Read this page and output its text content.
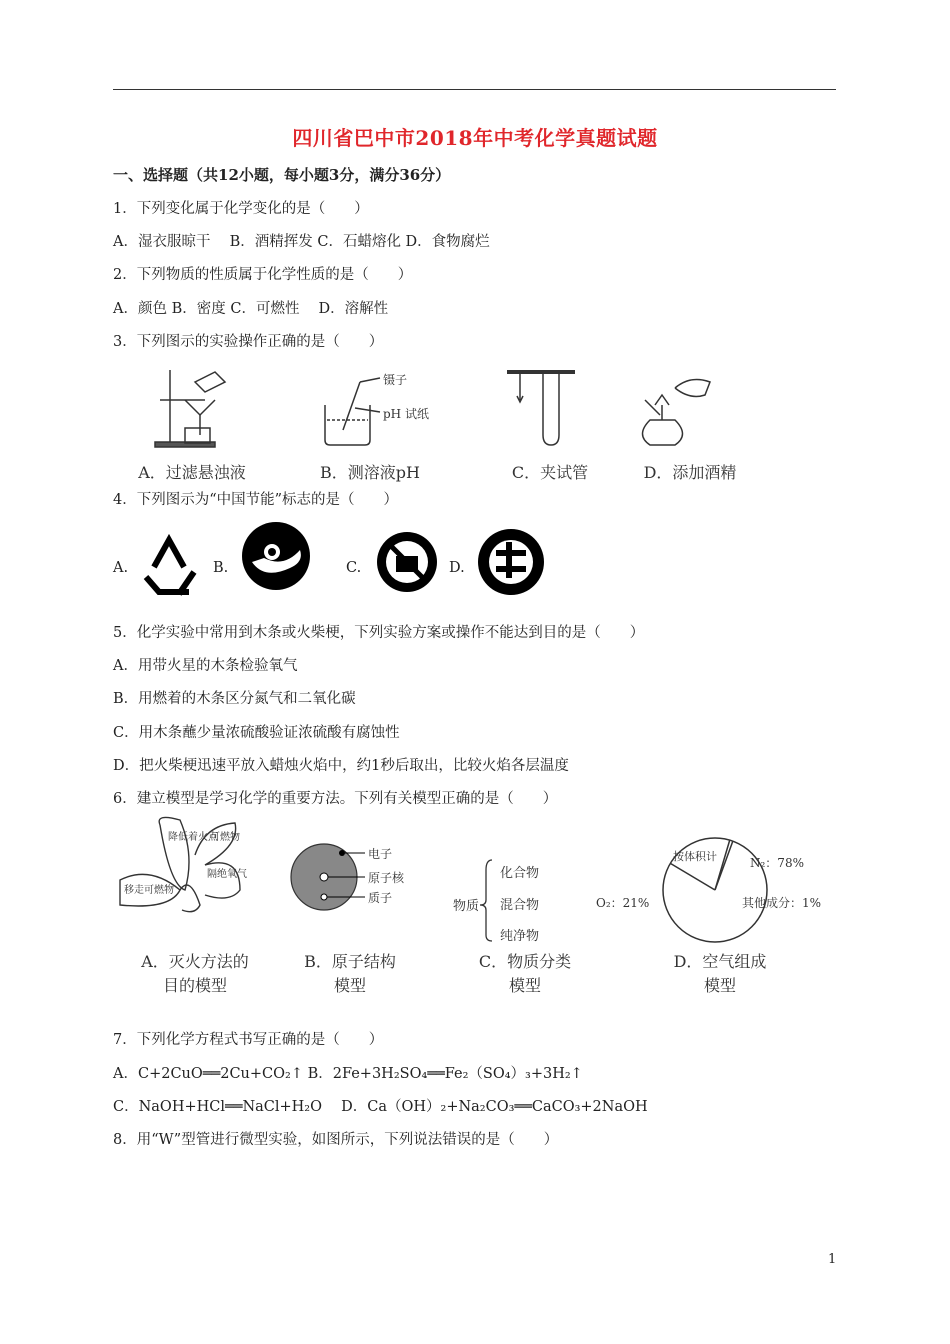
四川省巴中市2018年中考化学真题试题
一、选择题（共12小题，每小题3分，满分36分）
1．下列变化属于化学变化的是（　　）
A．湿衣服晾干　 B．酒精挥发 C．石蜡熔化 D．食物腐烂
2．下列物质的性质属于化学性质的是（　　）
A．颜色 B．密度 C．可燃性　 D．溶解性
3．下列图示的实验操作正确的是（　　）
镊子
pH 试纸
A．过滤悬浊液	B．测溶液pH	C．夹试管	D．添加酒精
4．下列图示为“中国节能”标志的是（　　）
A.	B.	C.	D.
5．化学实验中常用到木条或火柴梗，下列实验方案或操作不能达到目的是（　　）
A．用带火星的木条检验氧气
B．用燃着的木条区分氮气和二氧化碳
C．用木条蘸少量浓硫酸验证浓硫酸有腐蚀性
D．把火柴梗迅速平放入蜡烛火焰中，约1秒后取出，比较火焰各层温度
6．建立模型是学习化学的重要方法。下列有关模型正确的是（　　）
降低着火点
可燃物
隔绝氧气
移走可燃物
电子
原子核
质子
物质
化合物
混合物
纯净物
按体积计	N₂：78%
O₂：21%	其他成分：1%
A．灭火方法的
目的模型
B．原子结构
模型
C．物质分类
模型
D．空气组成
模型
7．下列化学方程式书写正确的是（　　）
A．C+2CuO══2Cu+CO₂↑ B．2Fe+3H₂SO₄══Fe₂（SO₄）₃+3H₂↑
C．NaOH+HCl══NaCl+H₂O　 D．Ca（OH）₂+Na₂CO₃══CaCO₃+2NaOH
8．用“W”型管进行微型实验，如图所示，下列说法错误的是（　　）
1
